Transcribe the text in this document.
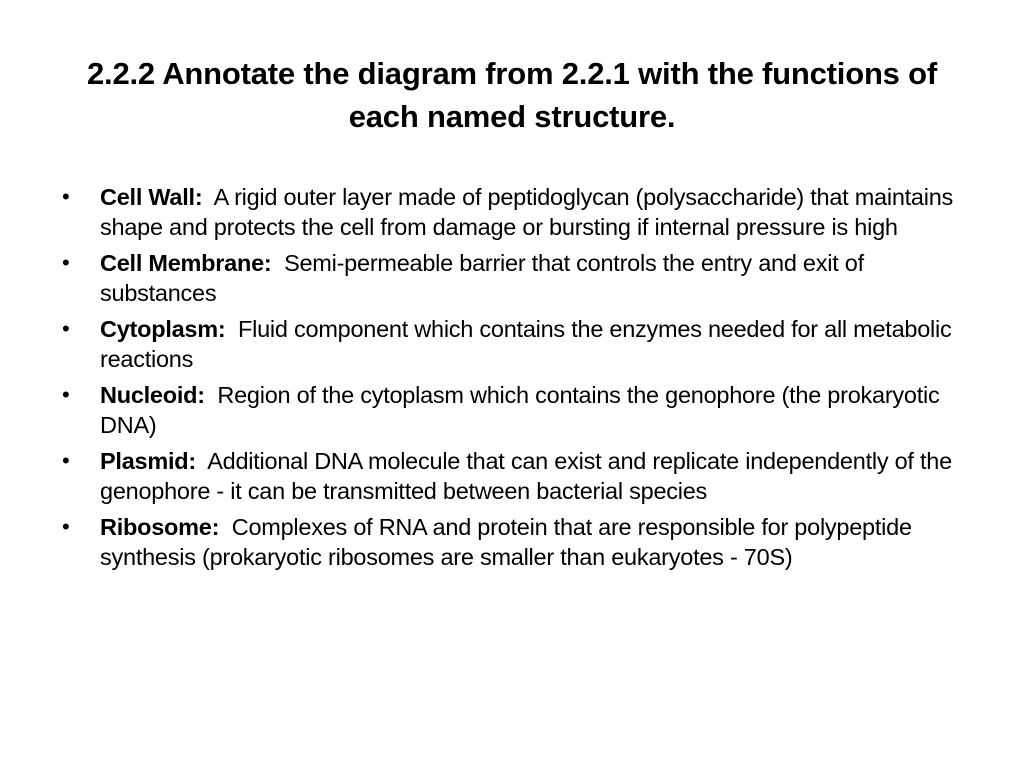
2.2.2 Annotate the diagram from 2.2.1 with the functions of each named structure.
• Cell Wall: A rigid outer layer made of peptidoglycan (polysaccharide) that maintains shape and protects the cell from damage or bursting if internal pressure is high
• Cell Membrane: Semi-permeable barrier that controls the entry and exit of substances
• Cytoplasm: Fluid component which contains the enzymes needed for all metabolic reactions
• Nucleoid: Region of the cytoplasm which contains the genophore (the prokaryotic DNA)
• Plasmid: Additional DNA molecule that can exist and replicate independently of the genophore - it can be transmitted between bacterial species
• Ribosome: Complexes of RNA and protein that are responsible for polypeptide synthesis (prokaryotic ribosomes are smaller than eukaryotes - 70S)
